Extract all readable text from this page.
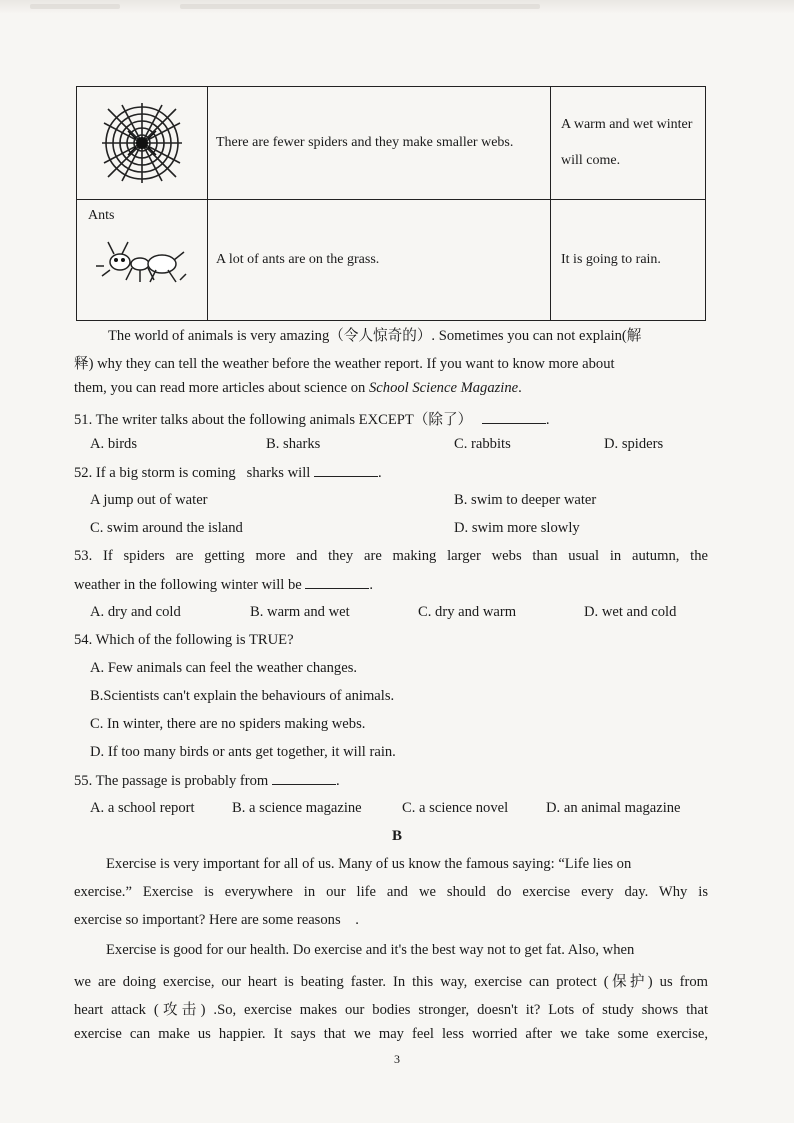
	There are fewer spiders and they make smaller webs.	A warm and wet winter will come.

Ants	A lot of ants are on the grass.	It is going to rain.
The world of animals is very amazing（令人惊奇的）. Sometimes you can not explain(解
释) why they can tell the weather before the weather report. If you want to know more about
them, you can read more articles about science on School Science Magazine.
51. The writer talks about the following animals EXCEPT（除了）	.
A. birds	B. sharks	C. rabbits	D. spiders
52. If a big storm is coming   sharks will	.
A jump out of water	B. swim to deeper water
C. swim around the island	D. swim more slowly
53. If spiders are getting more and they are making larger webs than usual in autumn, the
weather in the following winter will be	.
A. dry and cold	B. warm and wet	C. dry and warm	D. wet and cold
54. Which of the following is TRUE?
A. Few animals can feel the weather changes.
B.Scientists can't explain the behaviours of animals.
C. In winter, there are no spiders making webs.
D. If too many birds or ants get together, it will rain.
55. The passage is probably from	.
A. a school report	B. a science magazine	C. a science novel	D. an animal magazine
B
Exercise is very important for all of us. Many of us know the famous saying: “Life lies on
exercise.” Exercise is everywhere in our life and we should do exercise every day. Why is
exercise so important? Here are some reasons    .
Exercise is good for our health. Do exercise and it's the best way not to get fat. Also, when
we are doing exercise, our heart is beating faster. In this way, exercise can protect (保护) us from
heart attack (攻击) .So, exercise makes our bodies stronger, doesn't it? Lots of study shows that
exercise can make us happier. It says that we may feel less worried after we take some exercise,
3
